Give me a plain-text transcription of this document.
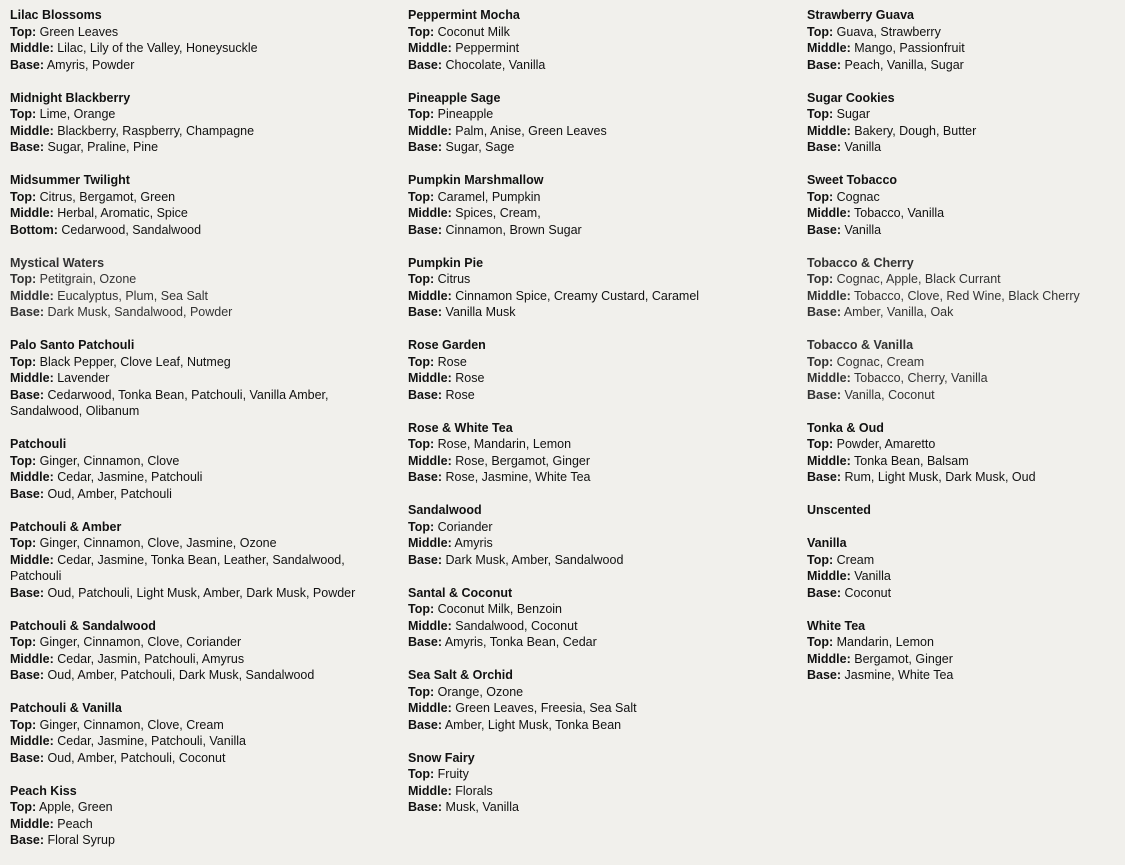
Lilac Blossoms
Top: Green Leaves
Middle: Lilac, Lily of the Valley, Honeysuckle
Base: Amyris, Powder
Midnight Blackberry
Top: Lime, Orange
Middle: Blackberry, Raspberry, Champagne
Base: Sugar, Praline, Pine
Midsummer Twilight
Top: Citrus, Bergamot, Green
Middle: Herbal, Aromatic, Spice
Bottom: Cedarwood, Sandalwood
Mystical Waters
Top: Petitgrain, Ozone
Middle: Eucalyptus, Plum, Sea Salt
Base: Dark Musk, Sandalwood, Powder
Palo Santo Patchouli
Top: Black Pepper, Clove Leaf, Nutmeg
Middle: Lavender
Base: Cedarwood, Tonka Bean, Patchouli, Vanilla Amber, Sandalwood, Olibanum
Patchouli
Top: Ginger, Cinnamon, Clove
Middle: Cedar, Jasmine, Patchouli
Base: Oud, Amber, Patchouli
Patchouli & Amber
Top: Ginger, Cinnamon, Clove, Jasmine, Ozone
Middle: Cedar, Jasmine, Tonka Bean, Leather, Sandalwood, Patchouli
Base: Oud, Patchouli, Light Musk, Amber, Dark Musk, Powder
Patchouli & Sandalwood
Top: Ginger, Cinnamon, Clove, Coriander
Middle: Cedar, Jasmin, Patchouli, Amyrus
Base: Oud, Amber, Patchouli, Dark Musk, Sandalwood
Patchouli & Vanilla
Top: Ginger, Cinnamon, Clove, Cream
Middle: Cedar, Jasmine, Patchouli, Vanilla
Base: Oud, Amber, Patchouli, Coconut
Peach Kiss
Top: Apple, Green
Middle: Peach
Base: Floral Syrup
Peppermint Mocha
Top: Coconut Milk
Middle: Peppermint
Base: Chocolate, Vanilla
Pineapple Sage
Top: Pineapple
Middle: Palm, Anise, Green Leaves
Base: Sugar, Sage
Pumpkin Marshmallow
Top: Caramel, Pumpkin
Middle: Spices, Cream,
Base: Cinnamon, Brown Sugar
Pumpkin Pie
Top: Citrus
Middle: Cinnamon Spice, Creamy Custard, Caramel
Base: Vanilla Musk
Rose Garden
Top: Rose
Middle: Rose
Base: Rose
Rose & White Tea
Top: Rose, Mandarin, Lemon
Middle: Rose, Bergamot, Ginger
Base: Rose, Jasmine, White Tea
Sandalwood
Top: Coriander
Middle: Amyris
Base: Dark Musk, Amber, Sandalwood
Santal & Coconut
Top: Coconut Milk, Benzoin
Middle: Sandalwood, Coconut
Base: Amyris, Tonka Bean, Cedar
Sea Salt & Orchid
Top: Orange, Ozone
Middle: Green Leaves, Freesia, Sea Salt
Base: Amber, Light Musk, Tonka Bean
Snow Fairy
Top: Fruity
Middle: Florals
Base: Musk, Vanilla
Strawberry Guava
Top: Guava, Strawberry
Middle: Mango, Passionfruit
Base: Peach, Vanilla, Sugar
Sugar Cookies
Top: Sugar
Middle: Bakery, Dough, Butter
Base: Vanilla
Sweet Tobacco
Top: Cognac
Middle: Tobacco, Vanilla
Base: Vanilla
Tobacco & Cherry
Top: Cognac, Apple, Black Currant
Middle: Tobacco, Clove, Red Wine, Black Cherry
Base: Amber, Vanilla, Oak
Tobacco & Vanilla
Top: Cognac, Cream
Middle: Tobacco, Cherry, Vanilla
Base: Vanilla, Coconut
Tonka & Oud
Top: Powder, Amaretto
Middle: Tonka Bean, Balsam
Base: Rum, Light Musk, Dark Musk, Oud
Unscented
Vanilla
Top: Cream
Middle: Vanilla
Base: Coconut
White Tea
Top: Mandarin, Lemon
Middle: Bergamot, Ginger
Base: Jasmine, White Tea
